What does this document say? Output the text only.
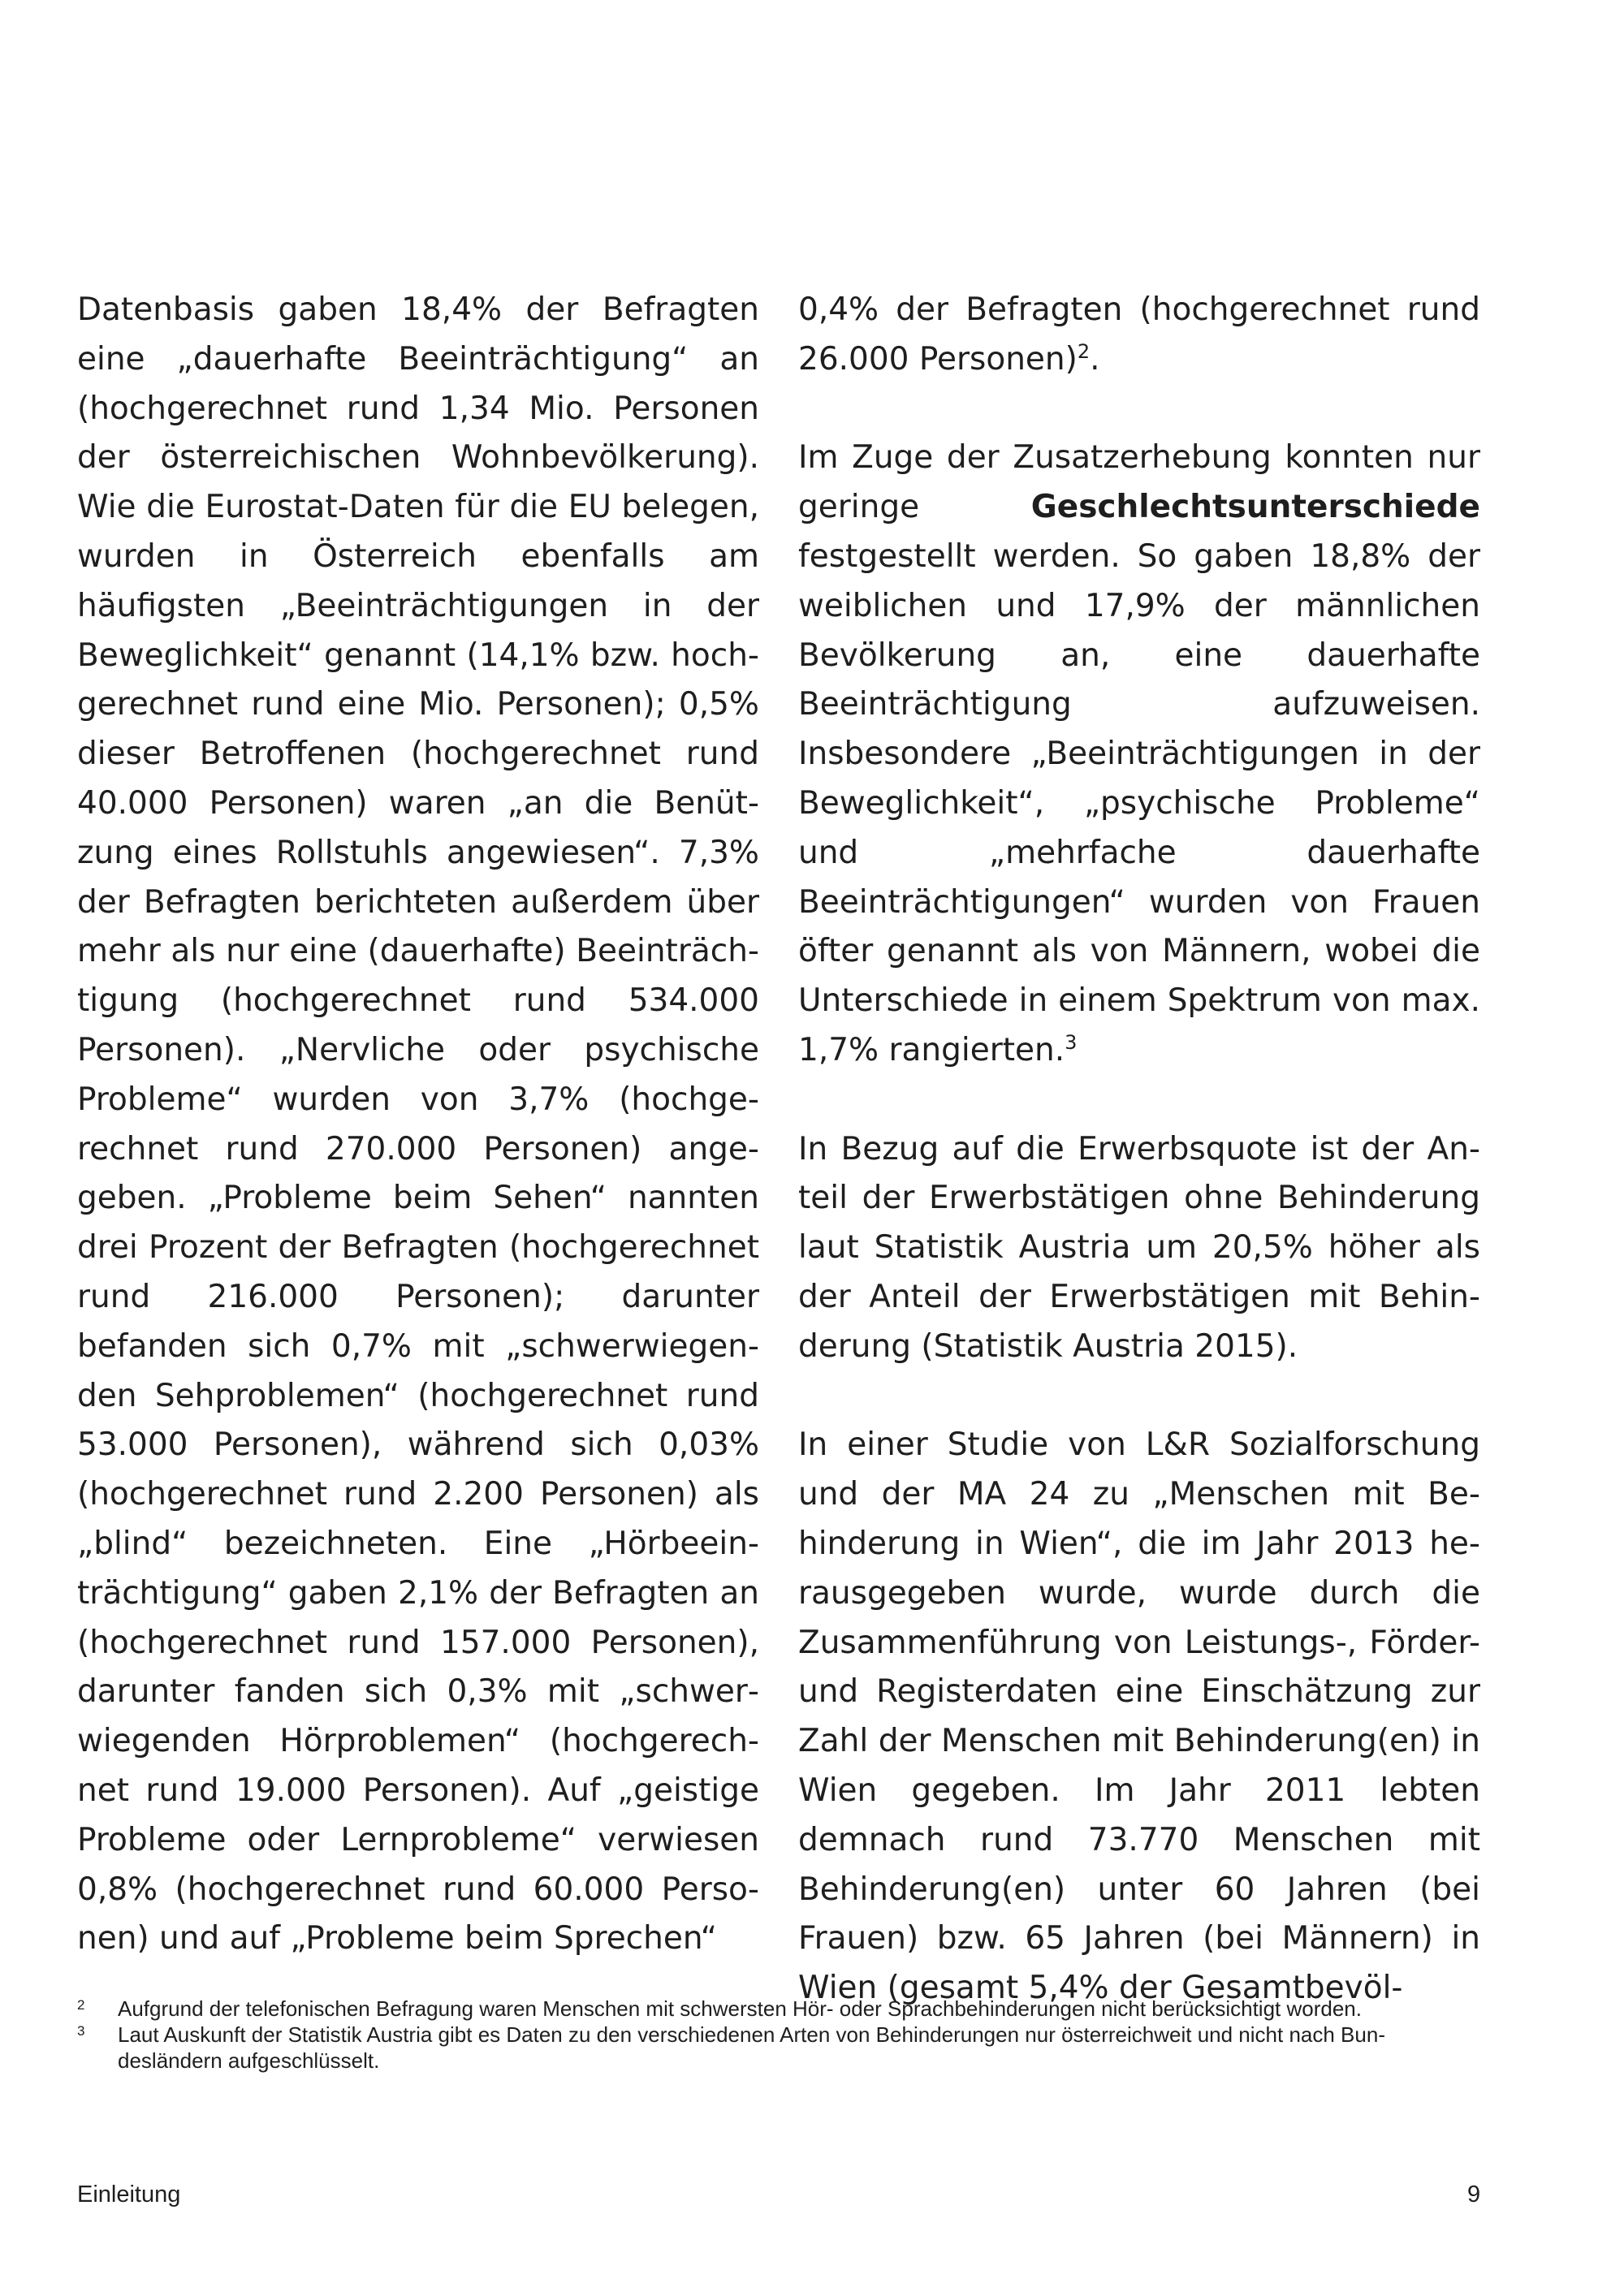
Datenbasis gaben 18,4% der Befragten eine „dauerhafte Beeinträchtigung“ an (hochgerechnet rund 1,34 Mio. Personen der österreichischen Wohnbevölkerung). Wie die Eurostat-Daten für die EU belegen, wurden in Österreich ebenfalls am häufigsten „Beeinträchtigungen in der Beweglichkeit“ genannt (14,1% bzw. hochgerechnet rund eine Mio. Personen); 0,5% dieser Betroffenen (hochgerechnet rund 40.000 Personen) waren „an die Benützung eines Rollstuhls angewiesen“. 7,3% der Befragten berichteten außerdem über mehr als nur eine (dauerhafte) Beeinträchtigung (hochgerechnet rund 534.000 Personen). „Nervliche oder psychische Probleme“ wurden von 3,7% (hochgerechnet rund 270.000 Personen) angegeben. „Probleme beim Sehen“ nannten drei Prozent der Befragten (hochgerechnet rund 216.000 Personen); darunter befanden sich 0,7% mit „schwerwiegenden Sehproblemen“ (hochgerechnet rund 53.000 Personen), während sich 0,03% (hochgerechnet rund 2.200 Personen) als „blind“ bezeichneten. Eine „Hörbeeinträchtigung“ gaben 2,1% der Befragten an (hochgerechnet rund 157.000 Personen), darunter fanden sich 0,3% mit „schwerwiegenden Hörproblemen“ (hochgerechnet rund 19.000 Personen). Auf „geistige Probleme oder Lernprobleme“ verwiesen 0,8% (hochgerechnet rund 60.000 Personen) und auf „Probleme beim Sprechen“

0,4% der Befragten (hochgerechnet rund 26.000 Personen)$^2$.

Im Zuge der Zusatzerhebung konnten nur geringe Geschlechtsunterschiede festgestellt werden. So gaben 18,8% der weiblichen und 17,9% der männlichen Bevölkerung an, eine dauerhafte Beeinträchtigung aufzuweisen. Insbesondere „Beeinträchtigungen in der Beweglichkeit“, „psychische Probleme“ und „mehrfache dauerhafte Beeinträchtigungen“ wurden von Frauen öfter genannt als von Männern, wobei die Unterschiede in einem Spektrum von max. 1,7% rangierten.$^3$

In Bezug auf die Erwerbsquote ist der Anteil der Erwerbstätigen ohne Behinderung laut Statistik Austria um 20,5% höher als der Anteil der Erwerbstätigen mit Behinderung (Statistik Austria 2015).

In einer Studie von L&R Sozialforschung und der MA 24 zu „Menschen mit Behinderung in Wien“, die im Jahr 2013 herausgegeben wurde, wurde durch die Zusammenführung von Leistungs-, Förder- und Registerdaten eine Einschätzung zur Zahl der Menschen mit Behinderung(en) in Wien gegeben. Im Jahr 2011 lebten demnach rund 73.770 Menschen mit Behinderung(en) unter 60 Jahren (bei Frauen) bzw. 65 Jahren (bei Männern) in Wien (gesamt 5,4% der Gesamtbevöl-

2 Aufgrund der telefonischen Befragung waren Menschen mit schwersten Hör- oder Sprachbehinderungen nicht berücksichtigt worden.

3 Laut Auskunft der Statistik Austria gibt es Daten zu den verschiedenen Arten von Behinderungen nur österreichweit und nicht nach Bundesländern aufgeschlüsselt.

Einleitung	9
